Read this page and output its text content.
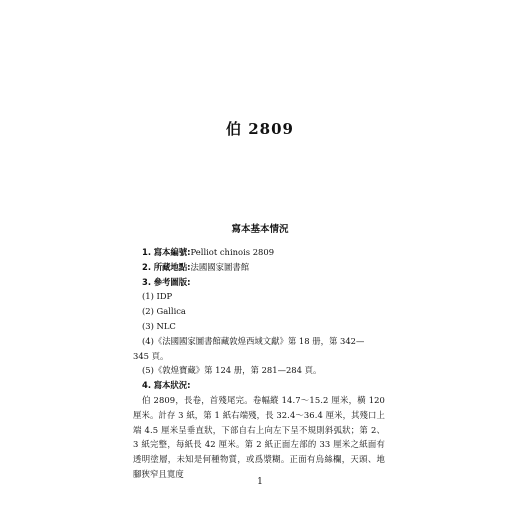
伯 2809
寫本基本情況
1. 寫本編號:Pelliot chinois 2809
2. 所藏地點:法國國家圖書館
3. 參考圖版:
(1) IDP
(2) Gallica
(3) NLC
(4)《法國國家圖書館藏敦煌西域文獻》第 18 册，第 342—
345 頁。
(5)《敦煌寶藏》第 124 册，第 281—284 頁。
4. 寫本狀況:
伯 2809，長卷，首殘尾完。卷幅縱 14.7～15.2 厘米，横 120 厘米。計存 3 紙，第 1 紙右端殘，長 32.4～36.4 厘米，其殘口上端 4.5 厘米呈垂直狀，下部自右上向左下呈不規則斜弧狀；第 2、3 紙完整，每紙長 42 厘米。第 2 紙正面左部的 33 厘米之紙面有透明塗層，未知是何種物質，或爲漿糊。正面有烏絲欄，天頭、地腳狹窄且寬度
1
